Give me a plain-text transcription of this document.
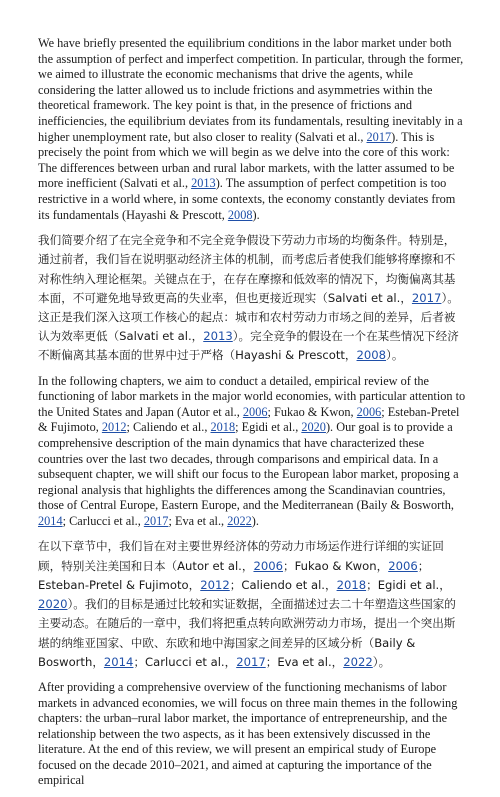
We have briefly presented the equilibrium conditions in the labor market under both the assumption of perfect and imperfect competition. In particular, through the former, we aimed to illustrate the economic mechanisms that drive the agents, while considering the latter allowed us to include frictions and asymmetries within the theoretical framework. The key point is that, in the presence of frictions and inefficiencies, the equilibrium deviates from its fundamentals, resulting inevitably in a higher unemployment rate, but also closer to reality (Salvati et al., 2017). This is precisely the point from which we will begin as we delve into the core of this work: The differences between urban and rural labor markets, with the latter assumed to be more inefficient (Salvati et al., 2013). The assumption of perfect competition is too restrictive in a world where, in some contexts, the economy constantly deviates from its fundamentals (Hayashi & Prescott, 2008).

我们简要介绍了在完全竞争和不完全竞争假设下劳动力市场的均衡条件。特别是，通过前者，我们旨在说明驱动经济主体的机制，而考虑后者使我们能够将摩擦和不对称性纳入理论框架。关键点在于，在存在摩擦和低效率的情况下，均衡偏离其基本面，不可避免地导致更高的失业率，但也更接近现实（Salvati et al.，2017）。这正是我们深入这项工作核心的起点：城市和农村劳动力市场之间的差异，后者被认为效率更低（Salvati et al.，2013）。完全竞争的假设在一个在某些情况下经济不断偏离其基本面的世界中过于严格（Hayashi & Prescott，2008）。

In the following chapters, we aim to conduct a detailed, empirical review of the functioning of labor markets in the major world economies, with particular attention to the United States and Japan (Autor et al., 2006; Fukao & Kwon, 2006; Esteban-Pretel & Fujimoto, 2012; Caliendo et al., 2018; Egidi et al., 2020). Our goal is to provide a comprehensive description of the main dynamics that have characterized these countries over the last two decades, through comparisons and empirical data. In a subsequent chapter, we will shift our focus to the European labor market, proposing a regional analysis that highlights the differences among the Scandinavian countries, those of Central Europe, Eastern Europe, and the Mediterranean (Baily & Bosworth, 2014; Carlucci et al., 2017; Eva et al., 2022).

在以下章节中，我们旨在对主要世界经济体的劳动力市场运作进行详细的实证回顾，特别关注美国和日本（Autor et al.，2006；Fukao & Kwon，2006；Esteban-Pretel & Fujimoto，2012；Caliendo et al.，2018；Egidi et al.，2020）。我们的目标是通过比较和实证数据，全面描述过去二十年塑造这些国家的主要动态。在随后的一章中，我们将把重点转向欧洲劳动力市场，提出一个突出斯堪的纳维亚国家、中欧、东欧和地中海国家之间差异的区域分析（Baily & Bosworth，2014；Carlucci et al.，2017；Eva et al.，2022）。

After providing a comprehensive overview of the functioning mechanisms of labor markets in advanced economies, we will focus on three main themes in the following chapters: the urban–rural labor market, the importance of entrepreneurship, and the relationship between the two aspects, as it has been extensively discussed in the literature. At the end of this review, we will present an empirical study of Europe focused on the decade 2010–2021, and aimed at capturing the importance of the empirical
